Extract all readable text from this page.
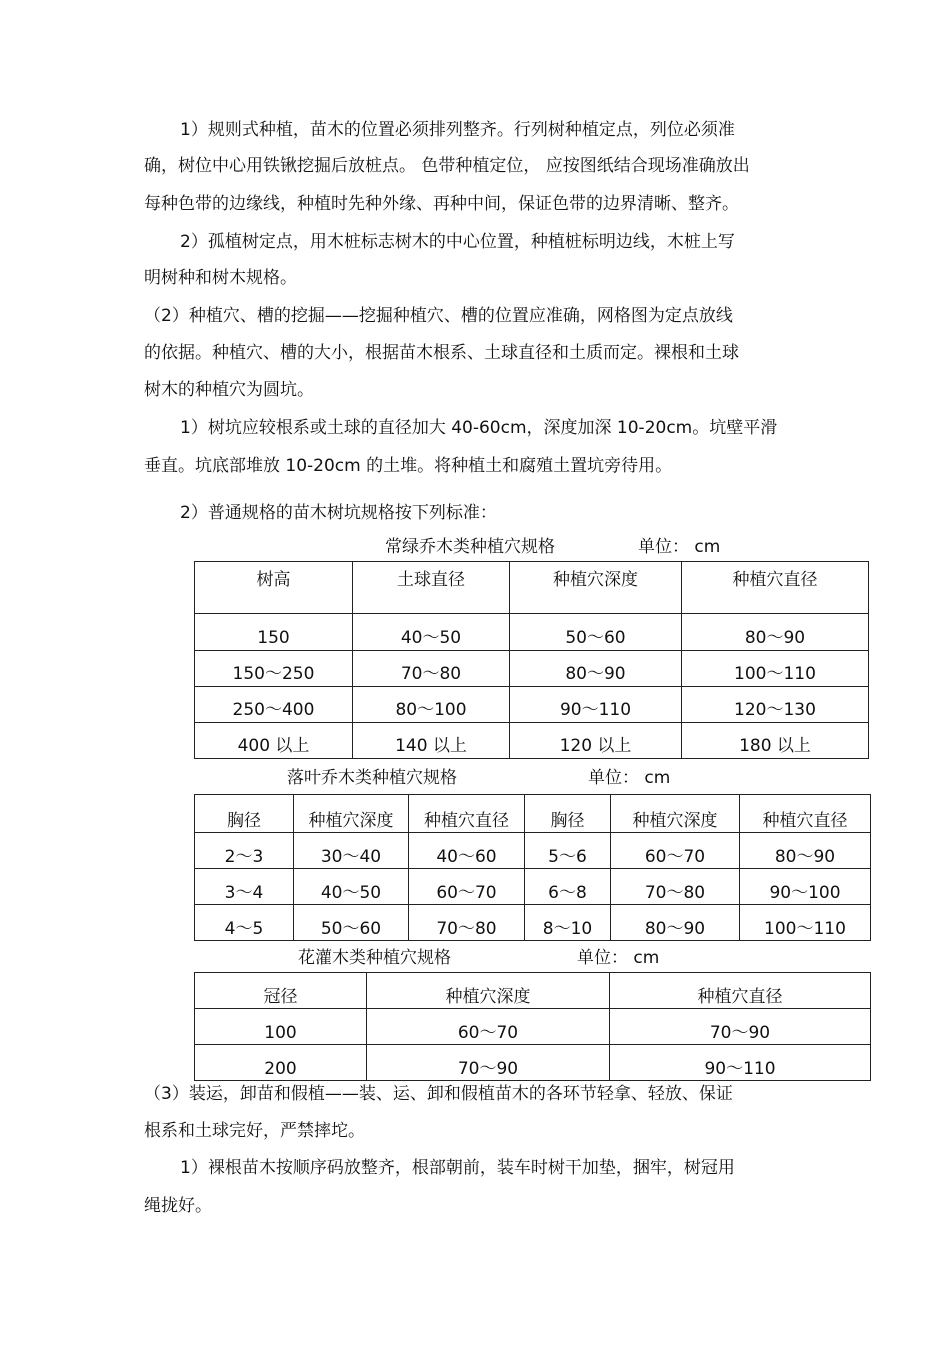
1）规则式种植，苗木的位置必须排列整齐。行列树种植定点，列位必须准
确，树位中心用铁锹挖掘后放桩点。 色带种植定位， 应按图纸结合现场准确放出
每种色带的边缘线，种植时先种外缘、再种中间，保证色带的边界清晰、整齐。
2）孤植树定点，用木桩标志树木的中心位置，种植桩标明边线，木桩上写
明树种和树木规格。
（2）种植穴、槽的挖掘——挖掘种植穴、槽的位置应准确，网格图为定点放线
的依据。种植穴、槽的大小，根据苗木根系、土球直径和土质而定。裸根和土球
树木的种植穴为圆坑。
1）树坑应较根系或土球的直径加大 40-60cm，深度加深 10-20cm。坑壁平滑
垂直。坑底部堆放 10-20cm 的土堆。将种植土和腐殖土置坑旁待用。
2）普通规格的苗木树坑规格按下列标准：
常绿乔木类种植穴规格	单位： cm
树高	土球直径	种植穴深度	种植穴直径
150	40～50	50～60	80～90
150～250	70～80	80～90	100～110
250～400	80～100	90～110	120～130
400 以上	140 以上	120 以上	180 以上
落叶乔木类种植穴规格	单位： cm
胸径	种植穴深度	种植穴直径	胸径	种植穴深度	种植穴直径
2～3	30～40	40～60	5～6	60～70	80～90
3～4	40～50	60～70	6～8	70～80	90～100
4～5	50～60	70～80	8～10	80～90	100～110
花灌木类种植穴规格	单位： cm
冠径	种植穴深度	种植穴直径
100	60～70	70～90
200	70～90	90～110
（3）装运，卸苗和假植——装、运、卸和假植苗木的各环节轻拿、轻放、保证
根系和土球完好，严禁摔坨。
1）裸根苗木按顺序码放整齐，根部朝前，装车时树干加垫，捆牢，树冠用
绳拢好。
